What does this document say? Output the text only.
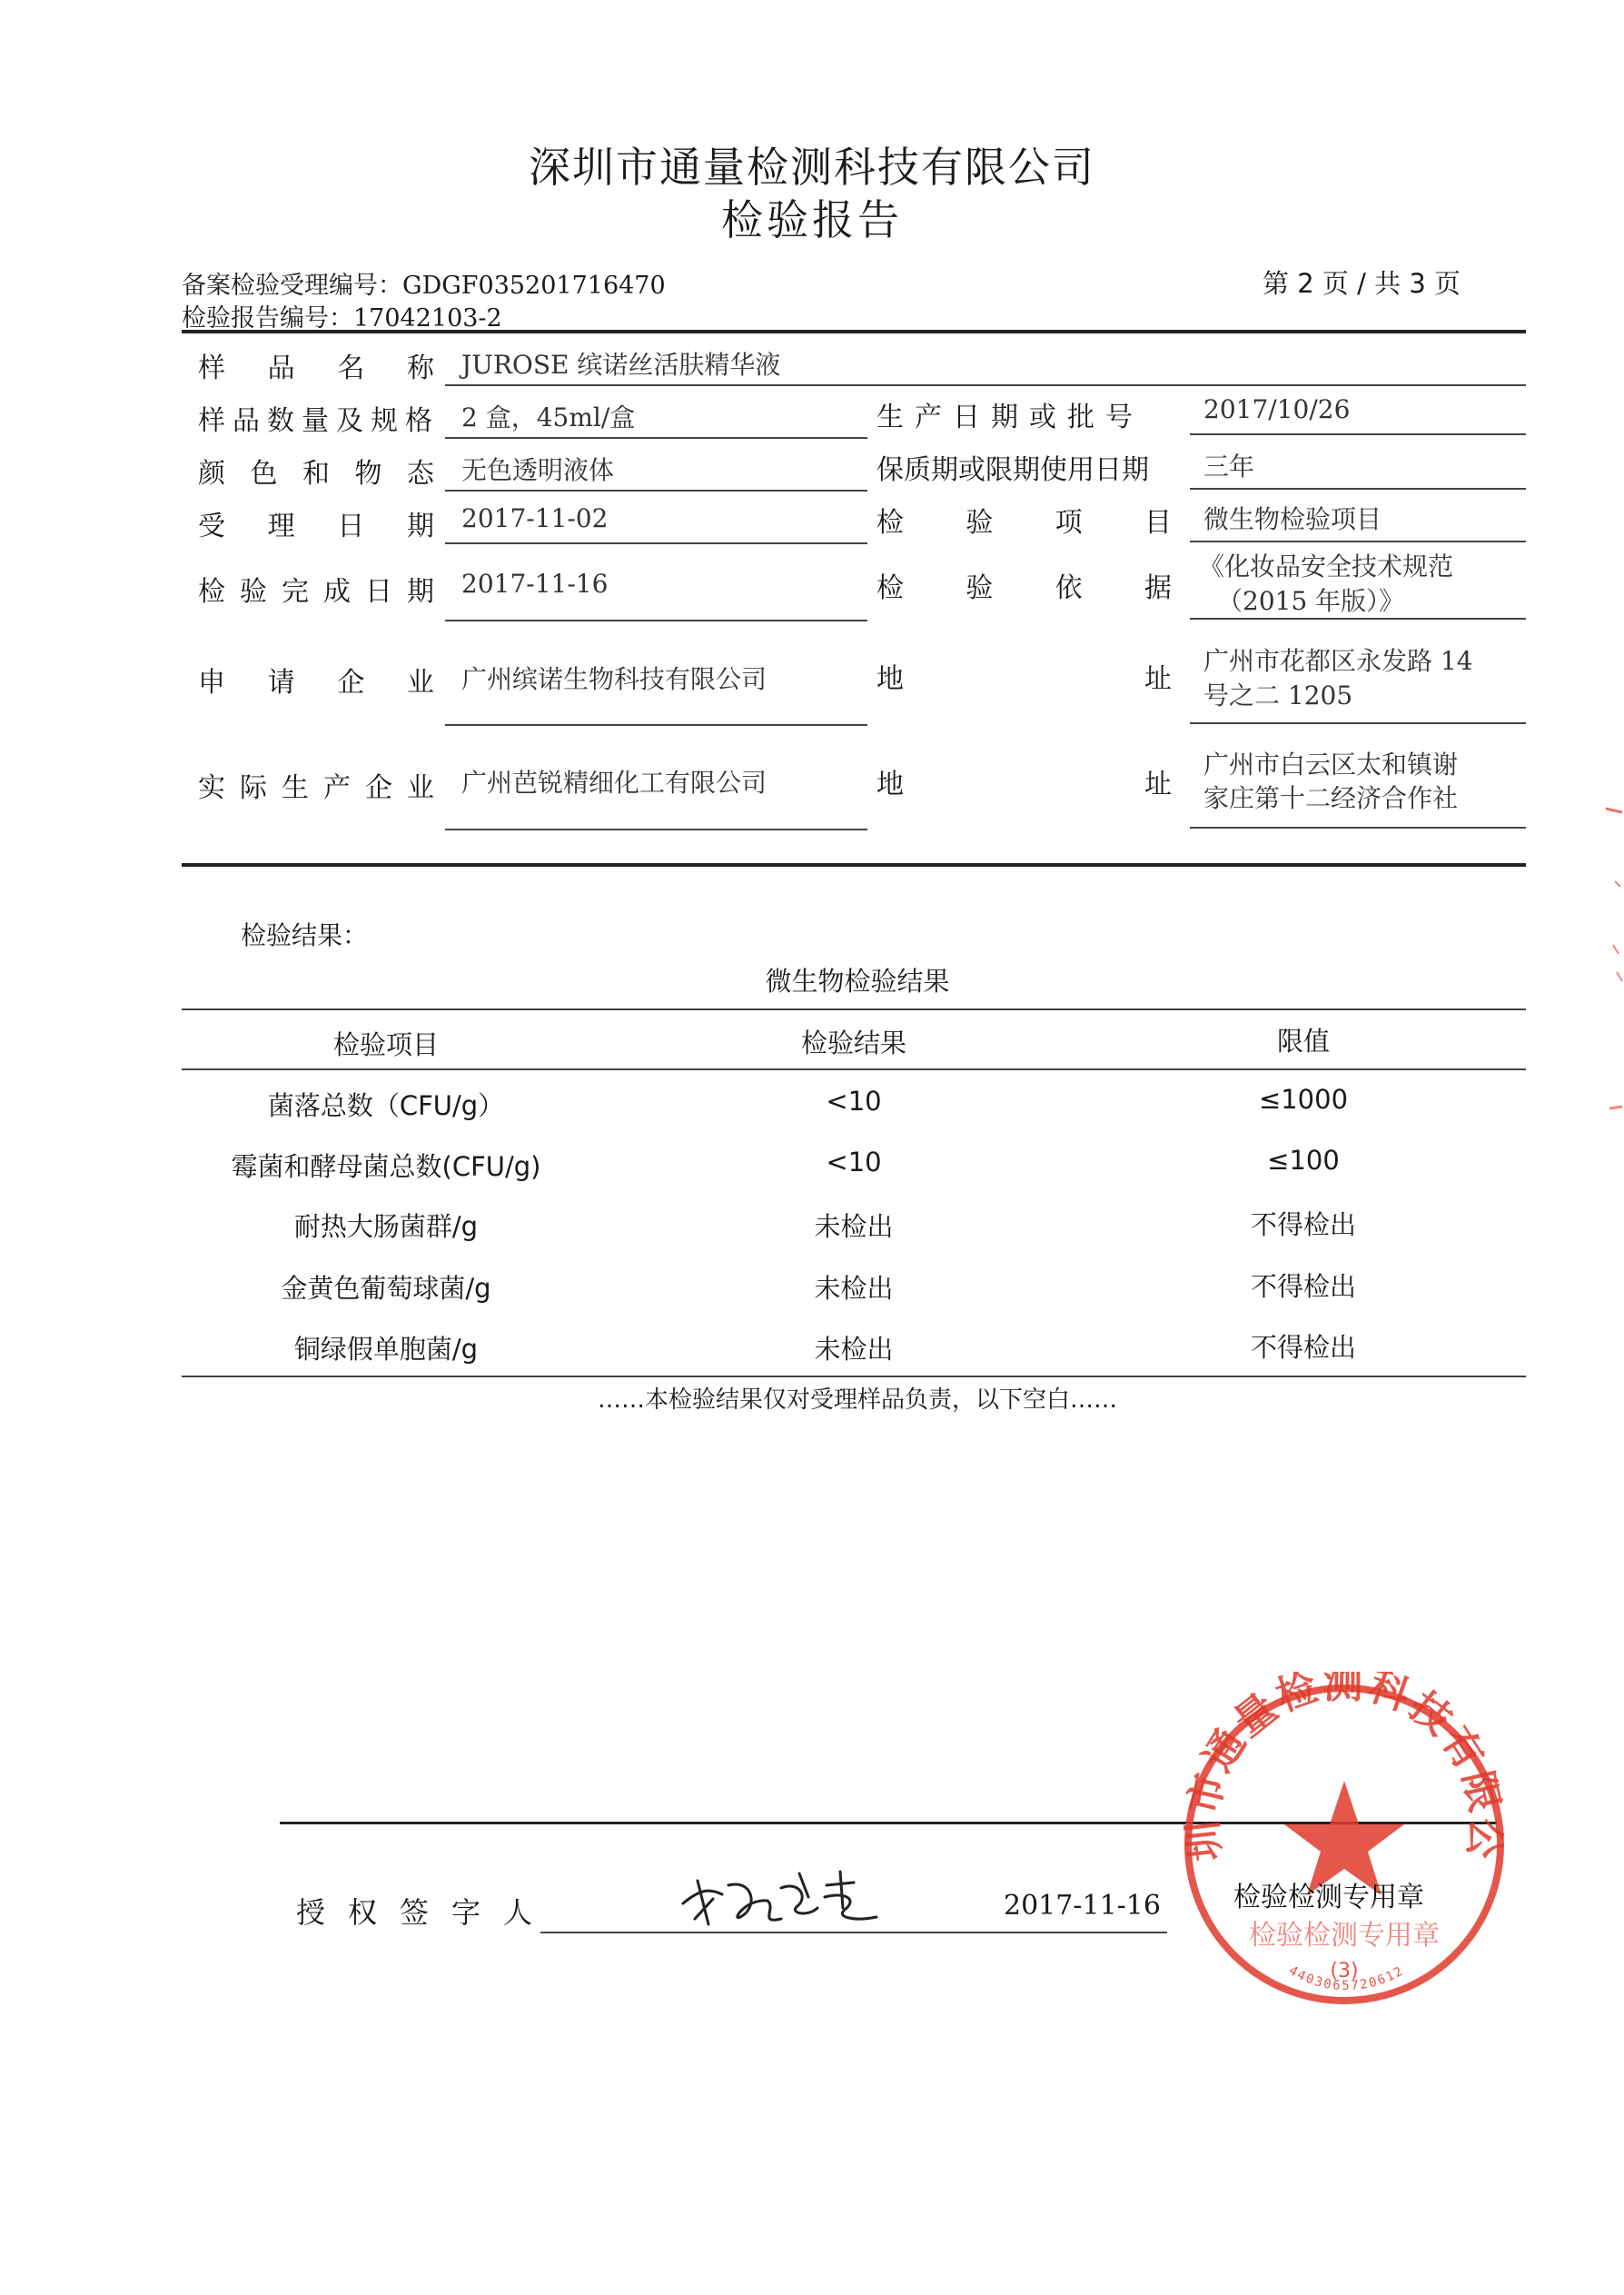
深圳市通量检测科技有限公司
检验报告
备案检验受理编号：GDGF035201716470
检验报告编号：17042103-2
第 2 页 / 共 3 页
样 品 名 称 JUROSE 缤诺丝活肤精华液
样品数量及规格 2 盒，45ml/盒	生产日期或批号 2017/10/26
颜 色 和 物 态 无色透明液体	保质期或限期使用日期 三年
受 理 日 期 2017-11-02	检 验 项 目 微生物检验项目
检 验 完 成 日 期 2017-11-16	检 验 依 据
《化妆品安全技术规范
（2015 年版）》
申 请 企 业 广州缤诺生物科技有限公司	地	址
广州市花都区永发路 14
号之二 1205
实 际 生 产 企 业 广州芭锐精细化工有限公司	地	址
广州市白云区太和镇谢
家庄第十二经济合作社
检验结果：
微生物检验结果
检验项目	检验结果	限值
菌落总数（CFU/g）	<10	≤1000
霉菌和酵母菌总数(CFU/g)	<10	≤100
耐热大肠菌群/g	未检出	不得检出
金黄色葡萄球菌/g	未检出	不得检出
铜绿假单胞菌/g	未检出	不得检出
……本检验结果仅对受理样品负责，以下空白……
授 权 签 字 人	2017-11-16
圳市通量检测科技有限公
检验检测专用章
(3)
4403065720612
检验检测专用章
